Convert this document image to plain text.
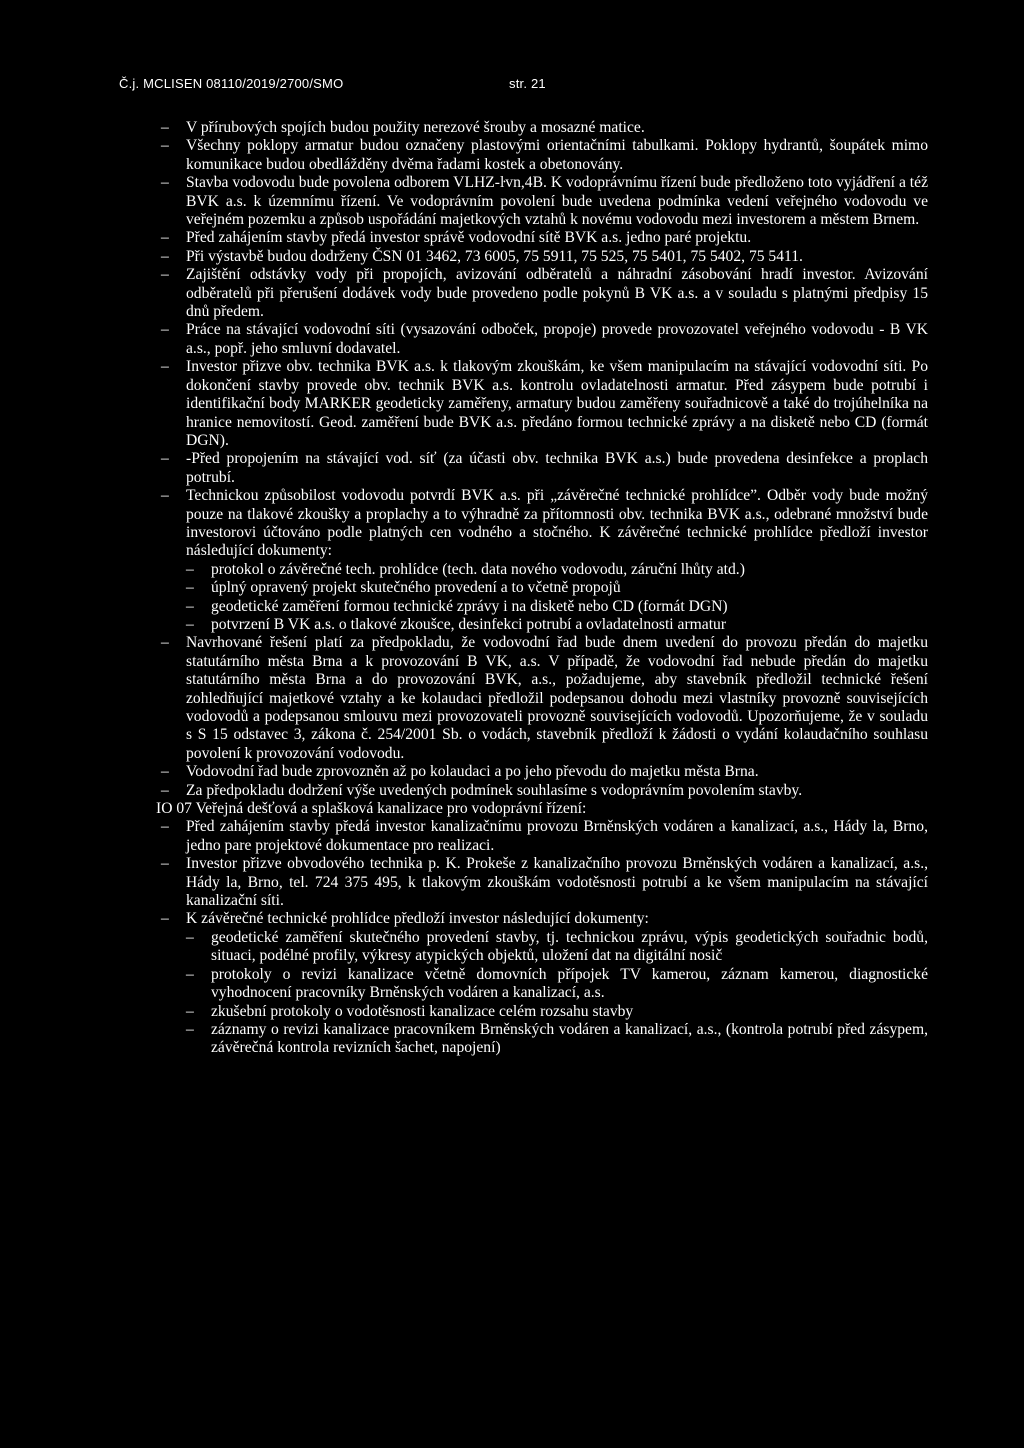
Č.j. MCLISEN 08110/2019/2700/SMO	str. 21
– V přírubových spojích budou použity nerezové šrouby a mosazné matice.
– Všechny poklopy armatur budou označeny plastovými orientačními tabulkami. Poklopy hydrantů, šoupátek mimo komunikace budou obedlážděny dvěma řadami kostek a obetonovány.
– Stavba vodovodu bude povolena odborem VLHZ-ŀvn,4B. K vodoprávnímu řízení bude předloženo toto vyjádření a též BVK a.s. k územnímu řízení. Ve vodoprávním povolení bude uvedena podmínka vedení veřejného vodovodu ve veřejném pozemku a způsob uspořádání majetkových vztahů k novému vodovodu mezi investorem a městem Brnem.
– Před zahájením stavby předá investor správě vodovodní sítě BVK a.s. jedno paré projektu.
– Při výstavbě budou dodrženy ČSN 01 3462, 73 6005, 75 5911, 75 525, 75 5401, 75 5402, 75 5411.
– Zajištění odstávky vody při propojích, avizování odběratelů a náhradní zásobování hradí investor. Avizování odběratelů při přerušení dodávek vody bude provedeno podle pokynů B VK a.s. a v souladu s platnými předpisy 15 dnů předem.
– Práce na stávající vodovodní síti (vysazování odboček, propoje) provede provozovatel veřejného vodovodu - B VK a.s., popř. jeho smluvní dodavatel.
– Investor přizve obv. technika BVK a.s. k tlakovým zkouškám, ke všem manipulacím na stávající vodovodní síti. Po dokončení stavby provede obv. technik BVK a.s. kontrolu ovladatelnosti armatur. Před zásypem bude potrubí i identifikační body MARKER geodeticky zaměřeny, armatury budou zaměřeny souřadnicově a také do trojúhelníka na hranice nemovitostí. Geod. zaměření bude BVK a.s. předáno formou technické zprávy a na disketě nebo CD (formát DGN).
– -Před propojením na stávající vod. síť (za účasti obv. technika BVK a.s.) bude provedena desinfekce a proplach potrubí.
– Technickou způsobilost vodovodu potvrdí BVK a.s. při „závěrečné technické prohlídce”. Odběr vody bude možný pouze na tlakové zkoušky a proplachy a to výhradně za přítomnosti obv. technika BVK a.s., odebrané množství bude investorovi účtováno podle platných cen vodného a stočného. K závěrečné technické prohlídce předloží investor následující dokumenty:
– protokol o závěrečné tech. prohlídce (tech. data nového vodovodu, záruční lhůty atd.)
– úplný opravený projekt skutečného provedení a to včetně propojů
– geodetické zaměření formou technické zprávy i na disketě nebo CD (formát DGN)
– potvrzení B VK a.s. o tlakové zkoušce, desinfekci potrubí a ovladatelnosti armatur
– Navrhované řešení platí za předpokladu, že vodovodní řad bude dnem uvedení do provozu předán do majetku statutárního města Brna a k provozování B VK, a.s. V případě, že vodovodní řad nebude předán do majetku statutárního města Brna a do provozování BVK, a.s., požadujeme, aby stavebník předložil technické řešení zohledňující majetkové vztahy a ke kolaudaci předložil podepsanou dohodu mezi vlastníky provozně souvisejících vodovodů a podepsanou smlouvu mezi provozovateli provozně souvisejících vodovodů. Upozorňujeme, že v souladu s S 15 odstavec 3, zákona č. 254/2001 Sb. o vodách, stavebník předloží k žádosti o vydání kolaudačního souhlasu povolení k provozování vodovodu.
– Vodovodní řad bude zprovozněn až po kolaudaci a po jeho převodu do majetku města Brna.
– Za předpokladu dodržení výše uvedených podmínek souhlasíme s vodoprávním povolením stavby.
IO 07 Veřejná dešťová a splašková kanalizace pro vodoprávní řízení:
– Před zahájením stavby předá investor kanalizačnímu provozu Brněnských vodáren a kanalizací, a.s., Hády la, Brno, jedno pare projektové dokumentace pro realizaci.
– Investor přizve obvodového technika p. K. Prokeše z kanalizačního provozu Brněnských vodáren a kanalizací, a.s., Hády la, Brno, tel. 724 375 495, k tlakovým zkouškám vodotěsnosti potrubí a ke všem manipulacím na stávající kanalizační síti.
– K závěrečné technické prohlídce předloží investor následující dokumenty:
– geodetické zaměření skutečného provedení stavby, tj. technickou zprávu, výpis geodetických souřadnic bodů, situaci, podélné profily, výkresy atypických objektů, uložení dat na digitální nosič
– protokoly o revizi kanalizace včetně domovních přípojek TV kamerou, záznam kamerou, diagnostické vyhodnocení pracovníky Brněnských vodáren a kanalizací, a.s.
– zkušební protokoly o vodotěsnosti kanalizace celém rozsahu stavby
– záznamy o revizi kanalizace pracovníkem Brněnských vodáren a kanalizací, a.s., (kontrola potrubí před zásypem, závěrečná kontrola revizních šachet, napojení)
